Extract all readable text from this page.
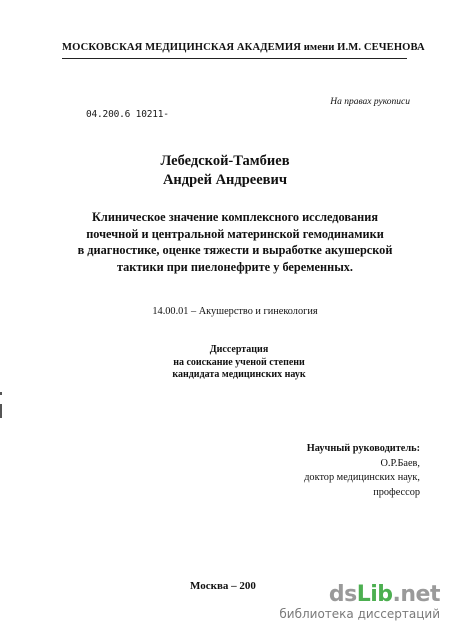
МОСКОВСКАЯ МЕДИЦИНСКАЯ АКАДЕМИЯ имени И.М. СЕЧЕНОВА
На правах рукописи
04.200.6 10211-
Лебедской-Тамбиев
Андрей Андреевич
Клиническое значение комплексного исследования
почечной и центральной материнской гемодинамики
в диагностике, оценке тяжести и выработке акушерской
тактики при пиелонефрите у беременных.
14.00.01 – Акушерство и гинекология
Диссертация
на соискание ученой степени
кандидата медицинских наук
Научный руководитель:
О.Р.Баев,
доктор медицинских наук,
профессор
Москва – 200	dsLib.net
библиотека диссертаций
